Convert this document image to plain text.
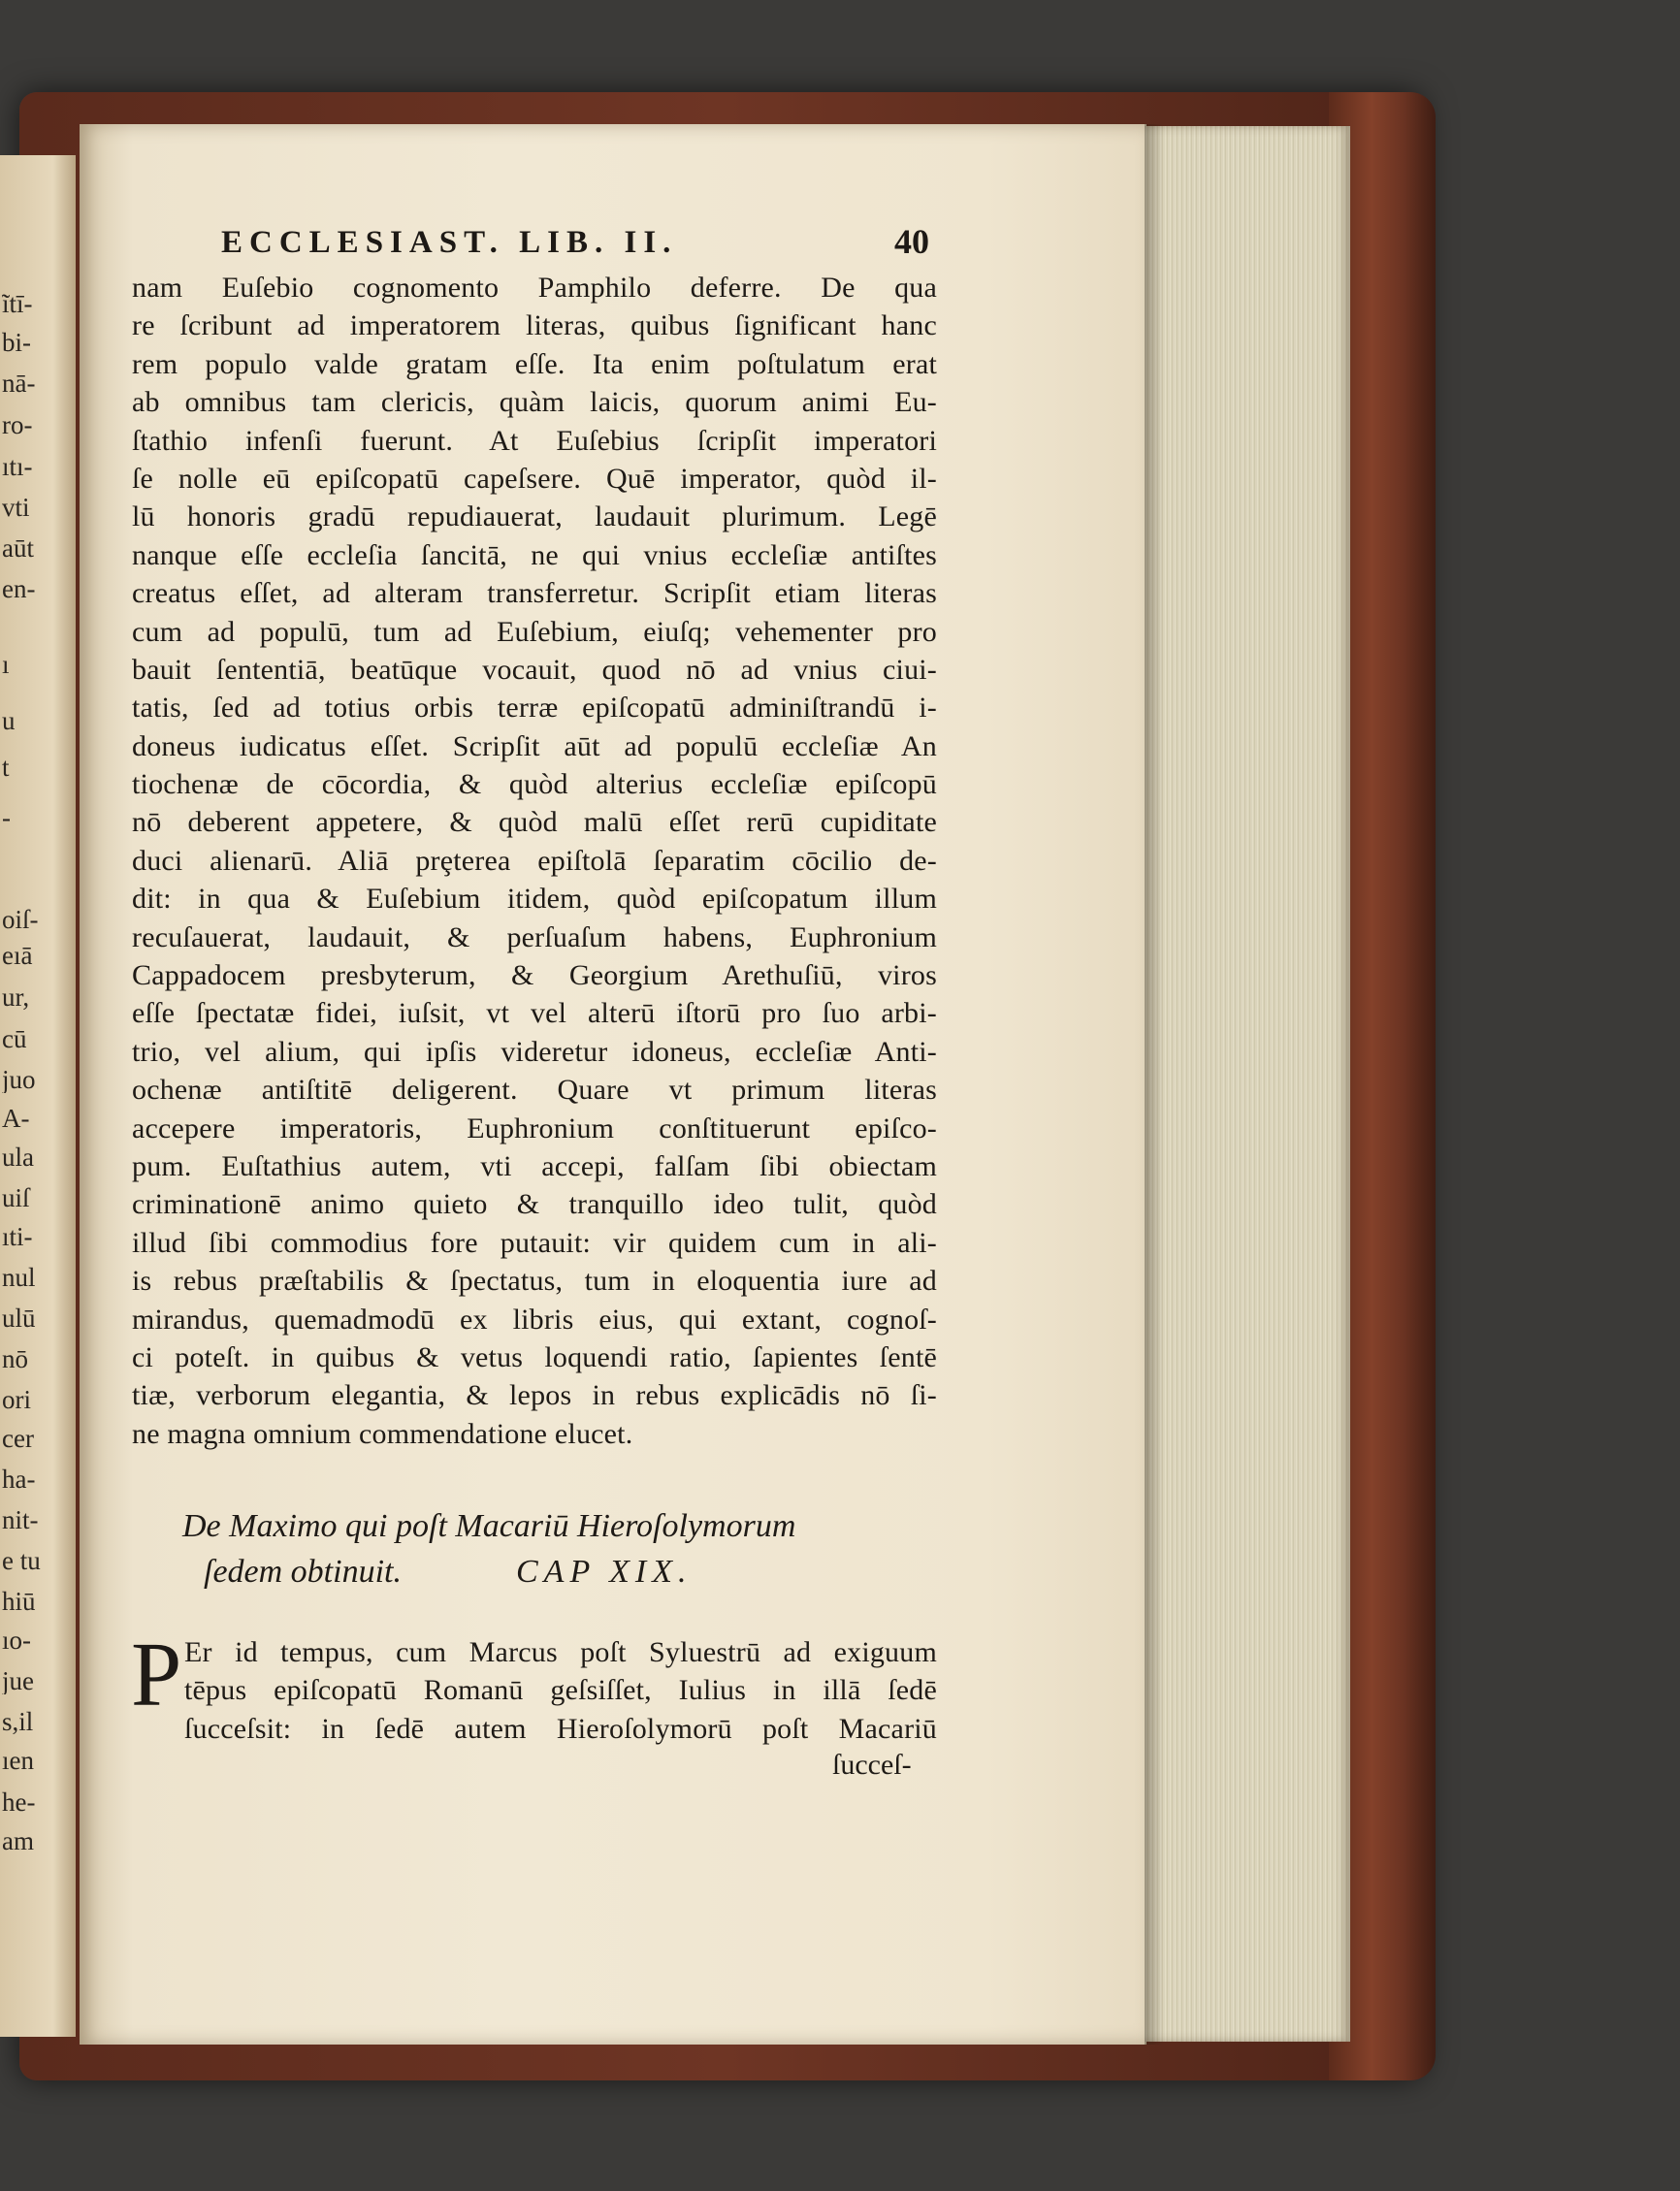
ĩtī-
bi-
nā-
ro-
ıtı-
vti
aūt
en-
ı
u
t
-
oiſ-
eıā
ur,
cū
juo
A-
ula
uiſ
ıti-
nul
ulū
nō
ori
cer
ha-
nit-
e tu
hiū
ıo-
jue
s,il
ıen
he-
am
ECCLESIAST. LIB. II.	40
nam Euſebio cognomento Pamphilo deferre. De qua
re ſcribunt ad imperatorem literas, quibus ſignificant hanc
rem populo valde gratam eſſe. Ita enim poſtulatum erat
ab omnibus tam clericis, quàm laicis, quorum animi Eu-
ſtathio infenſi fuerunt. At Euſebius ſcripſit imperatori
ſe nolle eū epiſcopatū capeſsere. Quē imperator, quòd il-
lū honoris gradū repudiauerat, laudauit plurimum. Legē
nanque eſſe eccleſia ſancitā, ne qui vnius eccleſiæ antiſtes
creatus eſſet, ad alteram transferretur. Scripſit etiam literas
cum ad populū, tum ad Euſebium, eiuſq; vehementer pro
bauit ſententiā, beatūque vocauit, quod nō ad vnius ciui-
tatis, ſed ad totius orbis terræ epiſcopatū adminiſtrandū i-
doneus iudicatus eſſet. Scripſit aūt ad populū eccleſiæ An
tiochenæ de cōcordia, & quòd alterius eccleſiæ epiſcopū
nō deberent appetere, & quòd malū eſſet rerū cupiditate
duci alienarū. Aliā prȩterea epiſtolā ſeparatim cōcilio de-
dit: in qua & Euſebium itidem, quòd epiſcopatum illum
recuſauerat, laudauit, & perſuaſum habens, Euphronium
Cappadocem presbyterum, & Georgium Arethuſiū, viros
eſſe ſpectatæ fidei, iuſsit, vt vel alterū iſtorū pro ſuo arbi-
trio, vel alium, qui ipſis videretur idoneus, eccleſiæ Anti-
ochenæ antiſtitē deligerent. Quare vt primum literas
accepere imperatoris, Euphronium conſtituerunt epiſco-
pum. Euſtathius autem, vti accepi, falſam ſibi obiectam
criminationē animo quieto & tranquillo ideo tulit, quòd
illud ſibi commodius fore putauit: vir quidem cum in ali-
is rebus præſtabilis & ſpectatus, tum in eloquentia iure ad
mirandus, quemadmodū ex libris eius, qui extant, cognoſ-
ci poteſt. in quibus & vetus loquendi ratio, ſapientes ſentē
tiæ, verborum elegantia, & lepos in rebus explicādis nō ſi-
ne magna omnium commendatione elucet.
De Maximo qui poſt Macariū Hieroſolymorum
ſedem obtinuit.	CAP XIX.
P Er id tempus, cum Marcus poſt Syluestrū ad exiguum
tēpus epiſcopatū Romanū geſsiſſet, Iulius in illā ſedē
ſucceſsit: in ſedē autem Hieroſolymorū poſt Macariū
ſucceſ-
